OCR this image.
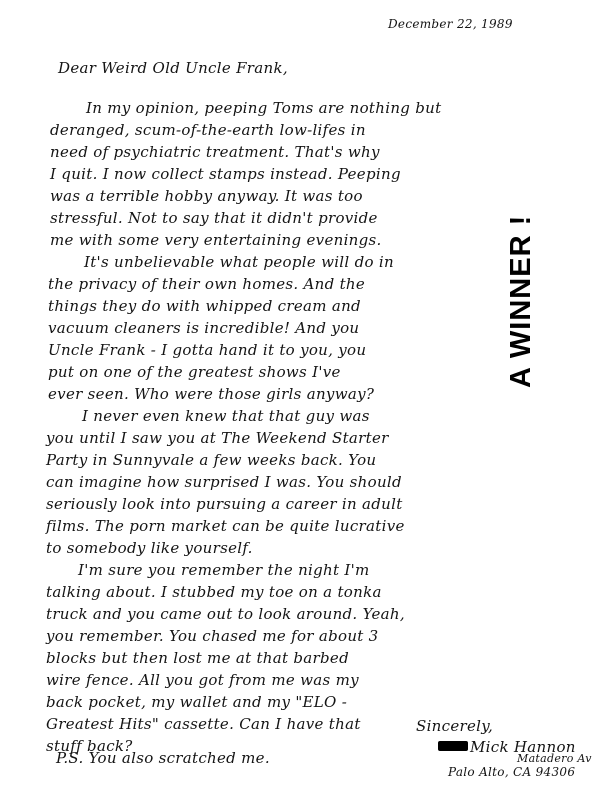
December 22, 1989
Dear Weird Old Uncle Frank,
In my opinion, peeping Toms are nothing but
deranged, scum-of-the-earth low-lifes in
need of psychiatric treatment. That's why
I quit. I now collect stamps instead. Peeping
was a terrible hobby anyway. It was too
stressful. Not to say that it didn't provide
me with some very entertaining evenings.
It's unbelievable what people will do in
the privacy of their own homes. And the
things they do with whipped cream and
vacuum cleaners is incredible! And you
Uncle Frank - I gotta hand it to you, you
put on one of the greatest shows I've
ever seen. Who were those girls anyway?
I never even knew that that guy was
you until I saw you at The Weekend Starter
Party in Sunnyvale a few weeks back. You
can imagine how surprised I was. You should
seriously look into pursuing a career in adult
films. The porn market can be quite lucrative
to somebody like yourself.
I'm sure you remember the night I'm
talking about. I stubbed my toe on a tonka
truck and you came out to look around. Yeah,
you remember. You chased me for about 3
blocks but then lost me at that barbed
wire fence. All you got from me was my
back pocket, my wallet and my "ELO -
Greatest Hits" cassette. Can I have that
stuff back?
A WINNER !
Sincerely,
Mick Hannon
Matadero Av
Palo Alto, CA 94306
P.S. You also scratched me.
